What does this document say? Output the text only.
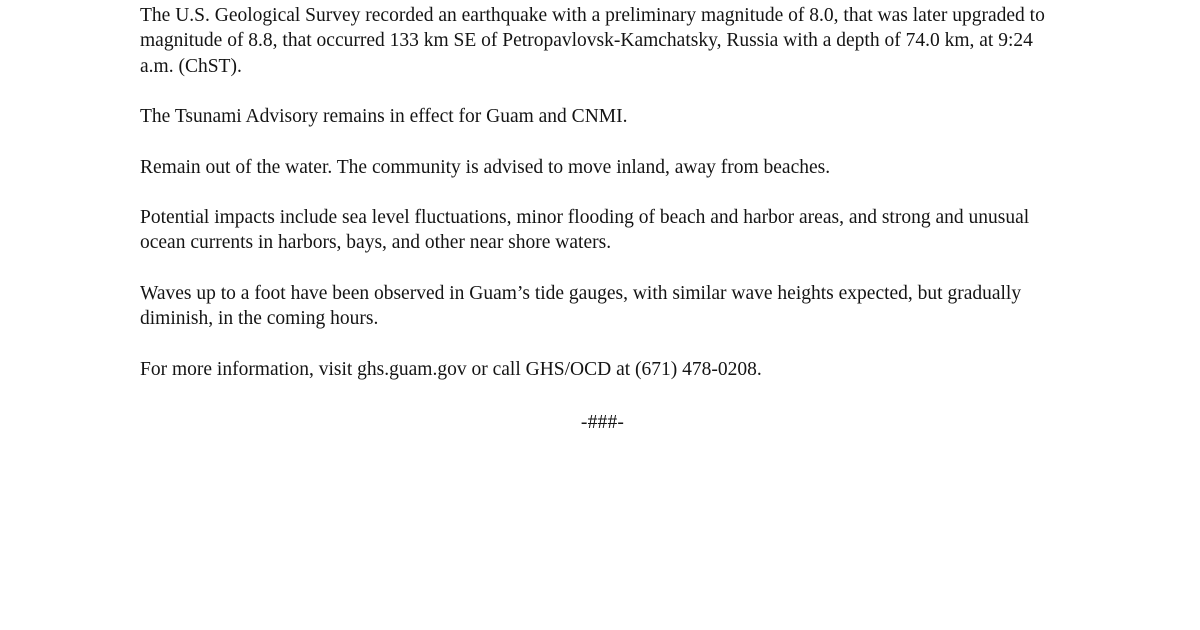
The U.S. Geological Survey recorded an earthquake with a preliminary magnitude of 8.0, that was later upgraded to magnitude of 8.8, that occurred 133 km SE of Petropavlovsk-Kamchatsky, Russia with a depth of 74.0 km, at 9:24 a.m. (ChST).

The Tsunami Advisory remains in effect for Guam and CNMI.

Remain out of the water. The community is advised to move inland, away from beaches.

Potential impacts include sea level fluctuations, minor flooding of beach and harbor areas, and strong and unusual ocean currents in harbors, bays, and other near shore waters.

Waves up to a foot have been observed in Guam’s tide gauges, with similar wave heights expected, but gradually diminish, in the coming hours.

For more information, visit ghs.guam.gov or call GHS/OCD at (671) 478-0208.

-###-
